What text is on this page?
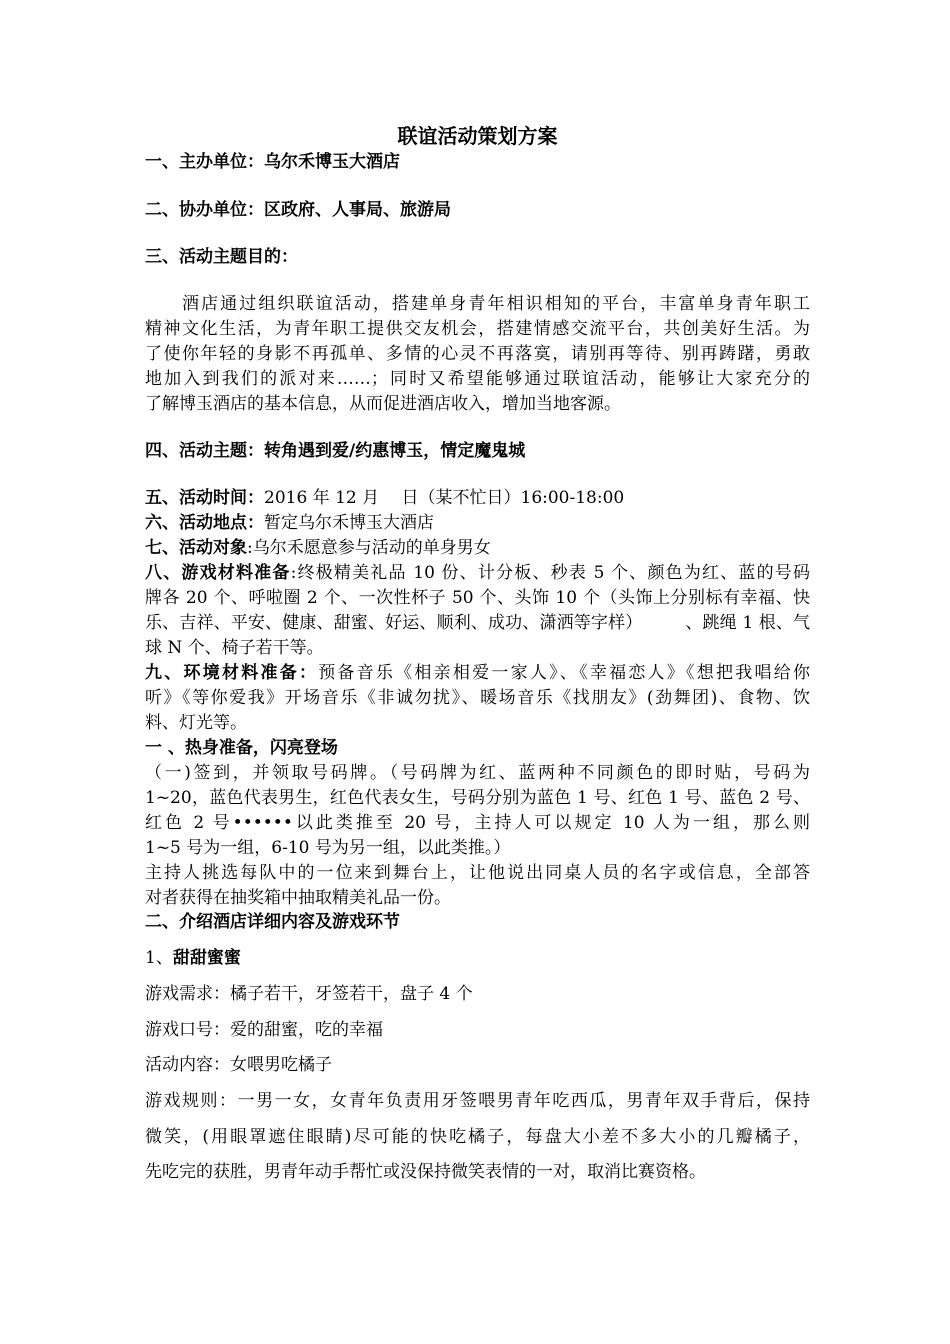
联谊活动策划方案
一、主办单位：乌尔禾博玉大酒店
二、协办单位：区政府、人事局、旅游局
三、活动主题目的：
酒店通过组织联谊活动，搭建单身青年相识相知的平台，丰富单身青年职工
精神文化生活，为青年职工提供交友机会，搭建情感交流平台，共创美好生活。为
了使你年轻的身影不再孤单、多情的心灵不再落寞，请别再等待、别再踌躇，勇敢
地加入到我们的派对来……；同时又希望能够通过联谊活动，能够让大家充分的
了解博玉酒店的基本信息，从而促进酒店收入，增加当地客源。
四、活动主题：转角遇到爱/约惠博玉，情定魔鬼城
五、活动时间：2016 年 12 月　 日（某不忙日）16:00-18:00
六、活动地点：暂定乌尔禾博玉大酒店
七、活动对象:乌尔禾愿意参与活动的单身男女
八、游戏材料准备:终极精美礼品 10 份、计分板、秒表 5 个、颜色为红、蓝的号码
牌各 20 个、呼啦圈 2 个、一次性杯子 50 个、头饰 10 个（头饰上分别标有幸福、快
乐、吉祥、平安、健康、甜蜜、好运、顺利、成功、潇洒等字样）　　　、跳绳 1 根、气
球 N 个、椅子若干等。
九、环境材料准备：预备音乐《相亲相爱一家人》、《幸福恋人》《想把我唱给你
听》《等你爱我》开场音乐《非诚勿扰》、暖场音乐《找朋友》(劲舞团)、食物、饮
料、灯光等。
一 、热身准备，闪亮登场
（一)签到，并领取号码牌。（号码牌为红、蓝两种不同颜色的即时贴，号码为
1~20，蓝色代表男生，红色代表女生，号码分别为蓝色 1 号、红色 1 号、蓝色 2 号、
红色 2 号••••••以此类推至 20 号，主持人可以规定 10 人为一组，那么则
1~5 号为一组，6-10 号为另一组，以此类推。）
主持人挑选每队中的一位来到舞台上，让他说出同桌人员的名字或信息，全部答
对者获得在抽奖箱中抽取精美礼品一份。
二、介绍酒店详细内容及游戏环节
1、甜甜蜜蜜
游戏需求：橘子若干，牙签若干，盘子 4 个
游戏口号：爱的甜蜜，吃的幸福
活动内容：女喂男吃橘子
游戏规则：一男一女，女青年负责用牙签喂男青年吃西瓜，男青年双手背后，保持
微笑，(用眼罩遮住眼睛)尽可能的快吃橘子，每盘大小差不多大小的几瓣橘子，
先吃完的获胜，男青年动手帮忙或没保持微笑表情的一对，取消比赛资格。
